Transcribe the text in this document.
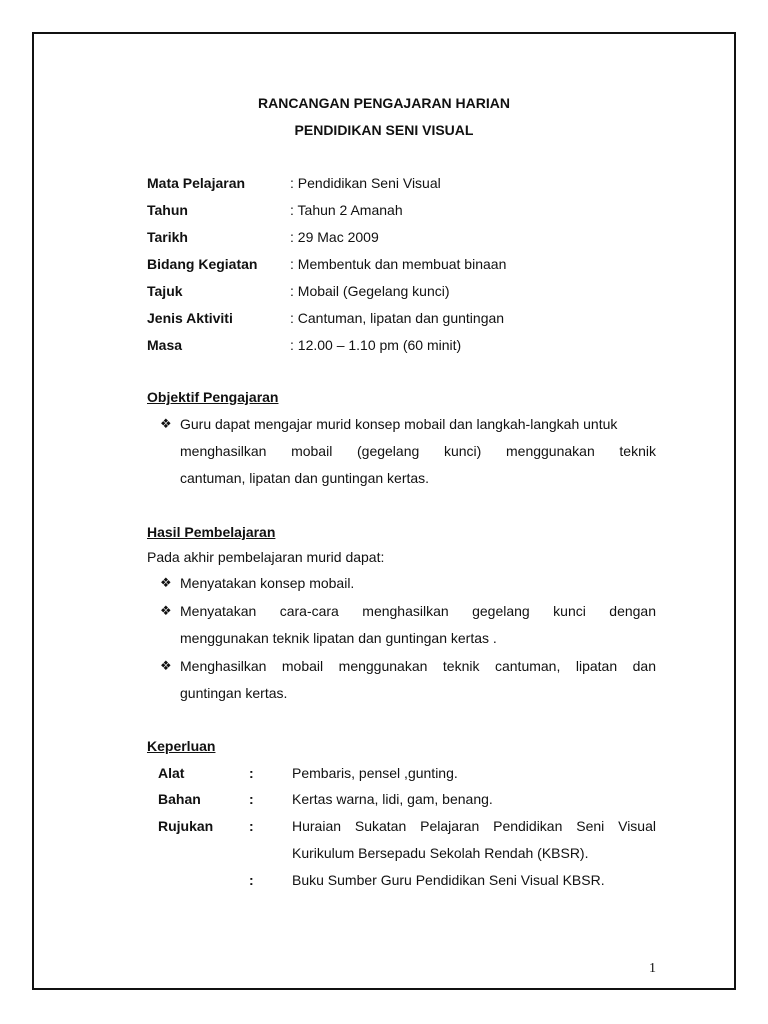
RANCANGAN PENGAJARAN HARIAN
PENDIDIKAN SENI VISUAL
Mata Pelajaran	: Pendidikan Seni Visual
Tahun	: Tahun 2 Amanah
Tarikh	: 29 Mac 2009
Bidang Kegiatan : Membentuk dan membuat binaan
Tajuk	: Mobail (Gegelang kunci)
Jenis Aktiviti	: Cantuman, lipatan dan guntingan
Masa	: 12.00 – 1.10 pm (60 minit)
Objektif Pengajaran
❖ Guru dapat mengajar murid konsep mobail dan langkah-langkah untuk
menghasilkan mobail (gegelang kunci) menggunakan teknik
cantuman, lipatan dan guntingan kertas.
Hasil Pembelajaran
Pada akhir pembelajaran murid dapat:
❖ Menyatakan konsep mobail.
❖ Menyatakan cara-cara menghasilkan gegelang kunci dengan
menggunakan teknik lipatan dan guntingan kertas .
❖ Menghasilkan mobail menggunakan teknik cantuman, lipatan dan
guntingan kertas.
Keperluan
Alat	:	Pembaris, pensel ,gunting.
Bahan	:	Kertas warna, lidi, gam, benang.
Rujukan	:	Huraian Sukatan Pelajaran Pendidikan Seni Visual
Kurikulum Bersepadu Sekolah Rendah (KBSR).
:	Buku Sumber Guru Pendidikan Seni Visual KBSR.
1
